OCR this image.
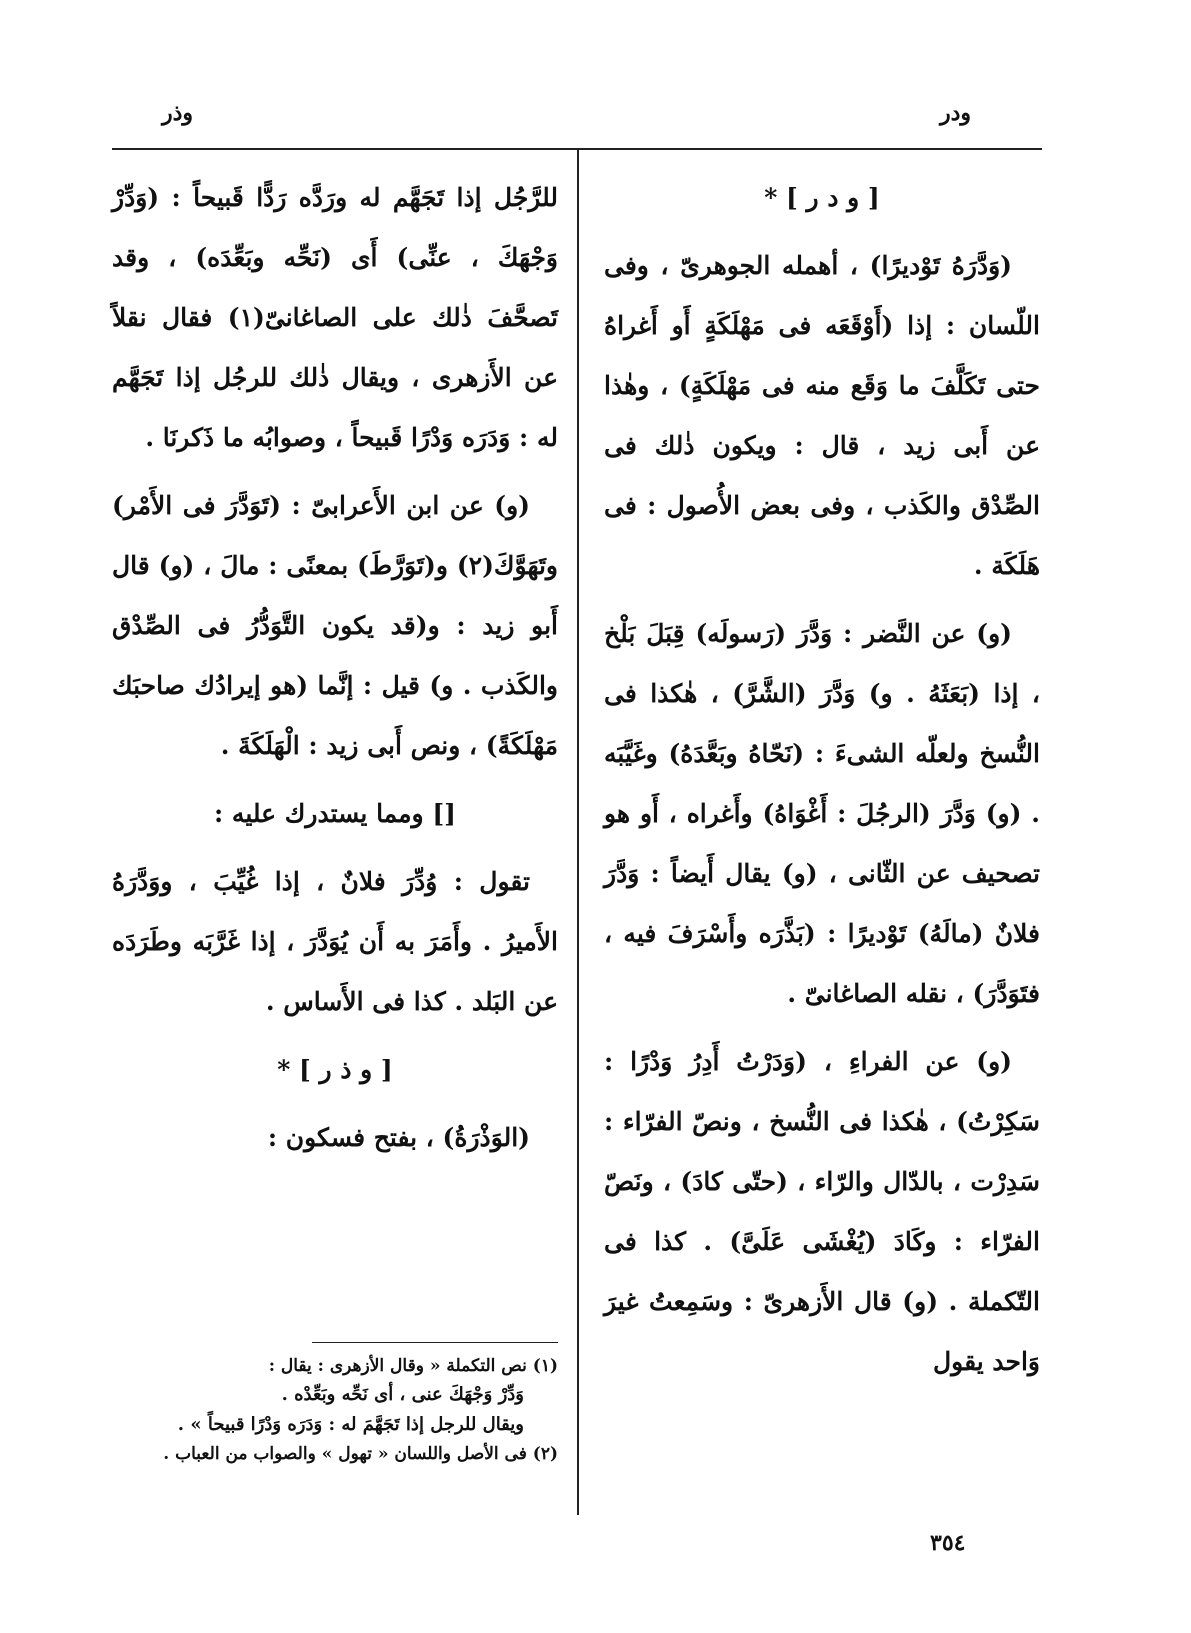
وذر	ودر

[ و د ر ] *

(وَدَّرَهُ تَوْديرًا) ، أهمله الجوهرىّ ، وفى اللّسان : إذا (أَوْقَعَه فى مَهْلَكَةٍ أَو أَغراهُ حتى تَكَلَّفَ ما وَقَع منه فى مَهْلَكَةٍ) ، وهٰذا عن أَبى زيد ، قال : ويكون ذٰلك فى الصِّدْق والكَذب ، وفى بعض الأُصول : فى هَلَكَة .

(و) عن النَّضر : وَدَّرَ (رَسولَه) قِبَلَ بَلْخ ، إذا (بَعَثَهُ . و) وَدَّرَ (الشَّرَّ) ، هٰكذا فى النُّسخ ولعلّه الشىءَ : (نَحّاهُ وبَعَّدَهُ) وغَيَّبَه . (و) وَدَّرَ (الرجُلَ : أَغْوَاهُ) وأَغراه ، أَو هو تصحيف عن الثّانى ، (و) يقال أَيضاً : وَدَّرَ فلانٌ (مالَهُ) تَوْديرًا : (بَذَّرَه وأَسْرَفَ فيه ، فتَوَدَّرَ) ، نقله الصاغانىّ .

(و) عن الفراءِ ، (وَدَرْتُ أَدِرُ وَدْرًا : سَكِرْتُ) ، هٰكذا فى النُّسخ ، ونصّ الفرّاء : سَدِرْت ، بالدّال والرّاء ، (حتّى كادَ) ، ونَصّ الفرّاء : وكَادَ (يُغْشَى عَلَىَّ) . كذا فى التّكملة . (و) قال الأَزهرىّ : وسَمِعتُ غيرَ وَاحد يقول

للرَّجُل إذا تَجَهَّم له ورَدَّه رَدًّا قَبيحاً : (وَدِّرْ وَجْهَكَ ، عنِّى) أَى (نَحِّه وبَعِّدَه) ، وقد تَصحَّفَ ذٰلك على الصاغانىّ(١) فقال نقلاً عن الأَزهرى ، ويقال ذٰلك للرجُل إذا تَجَهَّم له : وَدَرَه وَدْرًا قَبيحاً ، وصوابُه ما ذَكرنَا .

(و) عن ابن الأَعرابىّ : (تَوَدَّرَ فى الأَمْر) وتَهَوَّكَ(٢) و(تَوَرَّطَ) بمعنًى : مالَ ، (و) قال أَبو زيد : و(قد يكون التَّوَدُّرُ فى الصِّدْق والكَذب . و) قيل : إنَّما (هو إيرادُك صاحبَك مَهْلَكَةً) ، ونص أَبى زيد : الْهَلَكَةَ .

[] ومما يستدرك عليه :

تقول : وُدِّرَ فلانٌ ، إذا غُيِّبَ ، ووَدَّرَهُ الأَميرُ . وأَمَرَ به أَن يُوَدَّرَ ، إذا غَرَّبَه وطَرَدَه عن البَلد . كذا فى الأَساس .

[ و ذ ر ] *

(الوَذْرَةُ) ، بفتح فسكون :

(١) نص التكملة « وقال الأزهرى : يقال :

وَدِّرْ وَجْهَكَ عنى ، أى نَحِّه وبَعِّدْه .

ويقال للرجل إذا تَجَهَّمَ له : وَدَرَه وَدْرًا قبيحاً » .

(٢) فى الأصل واللسان « تهول » والصواب من العباب .

٣٥٤
